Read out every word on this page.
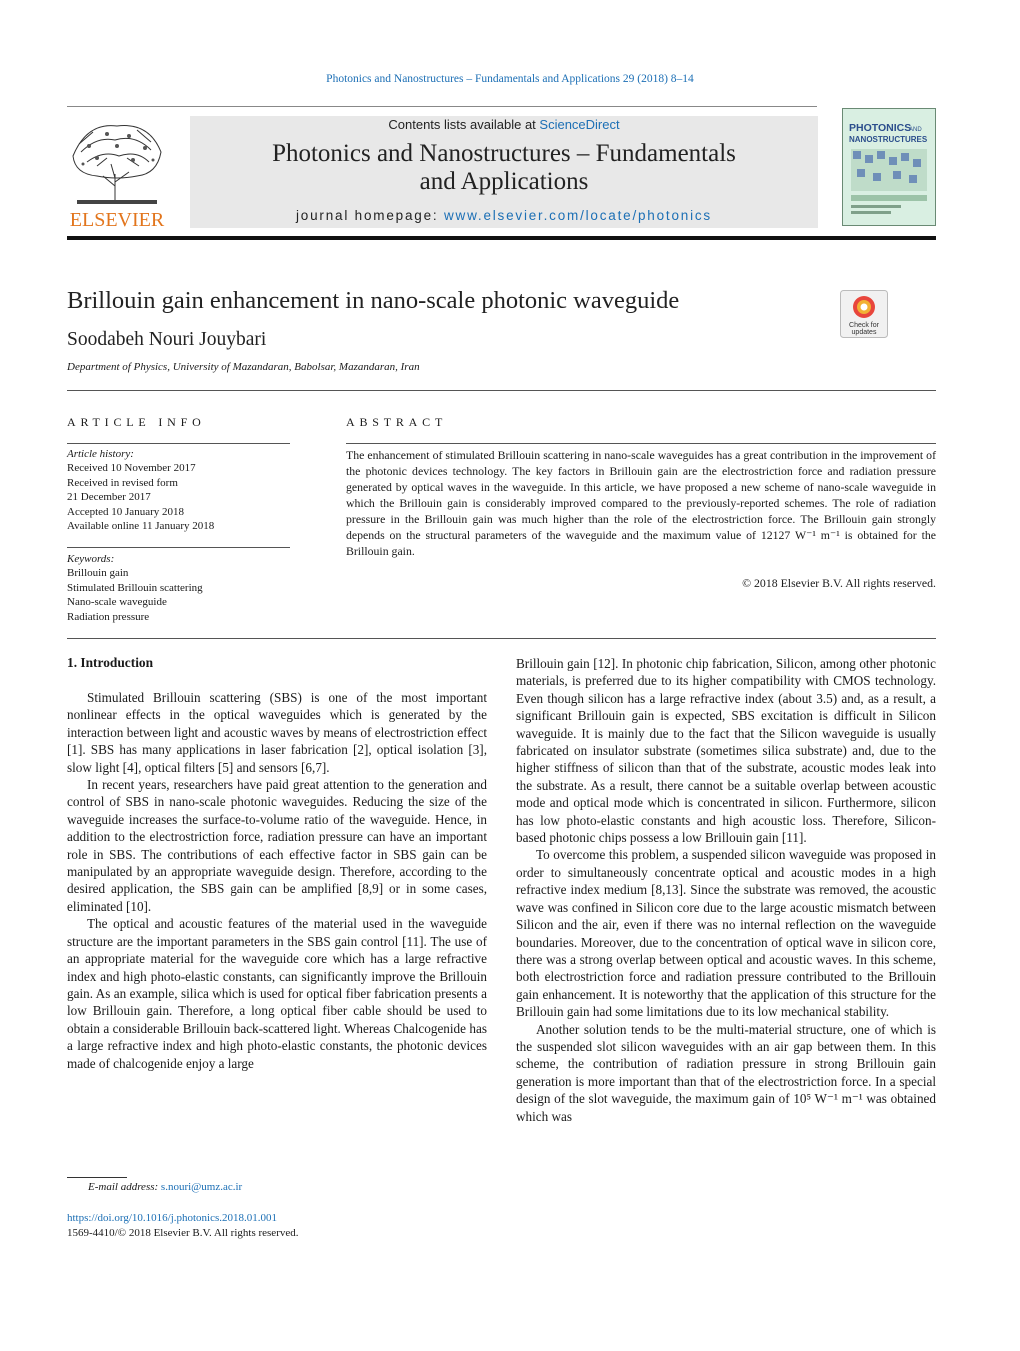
Photonics and Nanostructures – Fundamentals and Applications 29 (2018) 8–14
ELSEVIER
Contents lists available at ScienceDirect
Photonics and Nanostructures – Fundamentals
and Applications
journal homepage: www.elsevier.com/locate/photonics
PHOTONICS
AND
NANOSTRUCTURES
Brillouin gain enhancement in nano-scale photonic waveguide
Check for
updates
Soodabeh Nouri Jouybari
Department of Physics, University of Mazandaran, Babolsar, Mazandaran, Iran
ARTICLE INFO	ABSTRACT
Article history:
Received 10 November 2017
Received in revised form
21 December 2017
Accepted 10 January 2018
Available online 11 January 2018
Keywords:
Brillouin gain
Stimulated Brillouin scattering
Nano-scale waveguide
Radiation pressure
The enhancement of stimulated Brillouin scattering in nano-scale waveguides has a great contribution in the improvement of the photonic devices technology. The key factors in Brillouin gain are the electrostriction force and radiation pressure generated by optical waves in the waveguide. In this article, we have proposed a new scheme of nano-scale waveguide in which the Brillouin gain is considerably improved compared to the previously-reported schemes. The role of radiation pressure in the Brillouin gain was much higher than the role of the electrostriction force. The Brillouin gain strongly depends on the structural parameters of the waveguide and the maximum value of 12127 W⁻¹ m⁻¹ is obtained for the Brillouin gain.
© 2018 Elsevier B.V. All rights reserved.
1. Introduction

Stimulated Brillouin scattering (SBS) is one of the most important nonlinear effects in the optical waveguides which is generated by the interaction between light and acoustic waves by means of electrostriction effect [1]. SBS has many applications in laser fabrication [2], optical isolation [3], slow light [4], optical filters [5] and sensors [6,7].

In recent years, researchers have paid great attention to the generation and control of SBS in nano-scale photonic waveguides. Reducing the size of the waveguide increases the surface-to-volume ratio of the waveguide. Hence, in addition to the electrostriction force, radiation pressure can have an important role in SBS. The contributions of each effective factor in SBS gain can be manipulated by an appropriate waveguide design. Therefore, according to the desired application, the SBS gain can be amplified [8,9] or in some cases, eliminated [10].

The optical and acoustic features of the material used in the waveguide structure are the important parameters in the SBS gain control [11]. The use of an appropriate material for the waveguide core which has a large refractive index and high photo-elastic constants, can significantly improve the Brillouin gain. As an example, silica which is used for optical fiber fabrication presents a low Brillouin gain. Therefore, a long optical fiber cable should be used to obtain a considerable Brillouin back-scattered light. Whereas Chalcogenide has a large refractive index and high photo-elastic constants, the photonic devices made of chalcogenide enjoy a large

Brillouin gain [12]. In photonic chip fabrication, Silicon, among other photonic materials, is preferred due to its higher compatibility with CMOS technology. Even though silicon has a large refractive index (about 3.5) and, as a result, a significant Brillouin gain is expected, SBS excitation is difficult in Silicon waveguide. It is mainly due to the fact that the Silicon waveguide is usually fabricated on insulator substrate (sometimes silica substrate) and, due to the higher stiffness of silicon than that of the substrate, acoustic modes leak into the substrate. As a result, there cannot be a suitable overlap between acoustic mode and optical mode which is concentrated in silicon. Furthermore, silicon has low photo-elastic constants and high acoustic loss. Therefore, Silicon-based photonic chips possess a low Brillouin gain [11].

To overcome this problem, a suspended silicon waveguide was proposed in order to simultaneously concentrate optical and acoustic modes in a high refractive index medium [8,13]. Since the substrate was removed, the acoustic wave was confined in Silicon core due to the large acoustic mismatch between Silicon and the air, even if there was no internal reflection on the waveguide boundaries. Moreover, due to the concentration of optical wave in silicon core, there was a strong overlap between optical and acoustic waves. In this scheme, both electrostriction force and radiation pressure contributed to the Brillouin gain enhancement. It is noteworthy that the application of this structure for the Brillouin gain had some limitations due to its low mechanical stability.

Another solution tends to be the multi-material structure, one of which is the suspended slot silicon waveguides with an air gap between them. In this scheme, the contribution of radiation pressure in strong Brillouin gain generation is more important than that of the electrostriction force. In a special design of the slot waveguide, the maximum gain of 10⁵ W⁻¹ m⁻¹ was obtained which was

E-mail address: s.nouri@umz.ac.ir
https://doi.org/10.1016/j.photonics.2018.01.001
1569-4410/© 2018 Elsevier B.V. All rights reserved.
